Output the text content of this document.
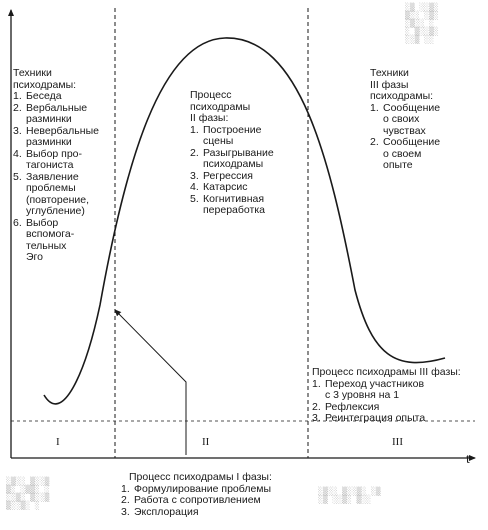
Техники
психодрамы:
1. Беседа
2. Вербальные
разминки
3. Невербальные
разминки
4. Выбор про-
тагониста
5. Заявление
проблемы
(повторение,
углубление)
6. Выбор
вспомога-
тельных
Эго
Процесс
психодрамы
II фазы:
1. Построение
сцены
2. Разыгрывание
психодрамы
3. Регрессия
4. Катарсис
5. Когнитивная
переработка
Техники
III фазы
психодрамы:
1. Сообщение
о своих
чувствах
2. Сообщение
о своем
опыте
Процесс психодрамы III фазы:
1. Переход участников
с 3 уровня на 1
2. Рефлексия
3. Реинтеграция опыта
Процесс психодрамы I фазы:
1. Формулирование проблемы
2. Работа с сопротивлением
3. Эксплорация
I	II	III
t
░▒ ░░▒░
▒░░ ░▒░
░▒░░ ░
░ ▒░░▒░
░░▒ ░░
░▒░░ ▒░░▒
▒░ ░▒▒░ ░
░░▒░ ▒░░▒
▒░░▒░ ░
░▒░░ ▒░░▒░ ░▒
░▒ ░░▒░ ▒░░
